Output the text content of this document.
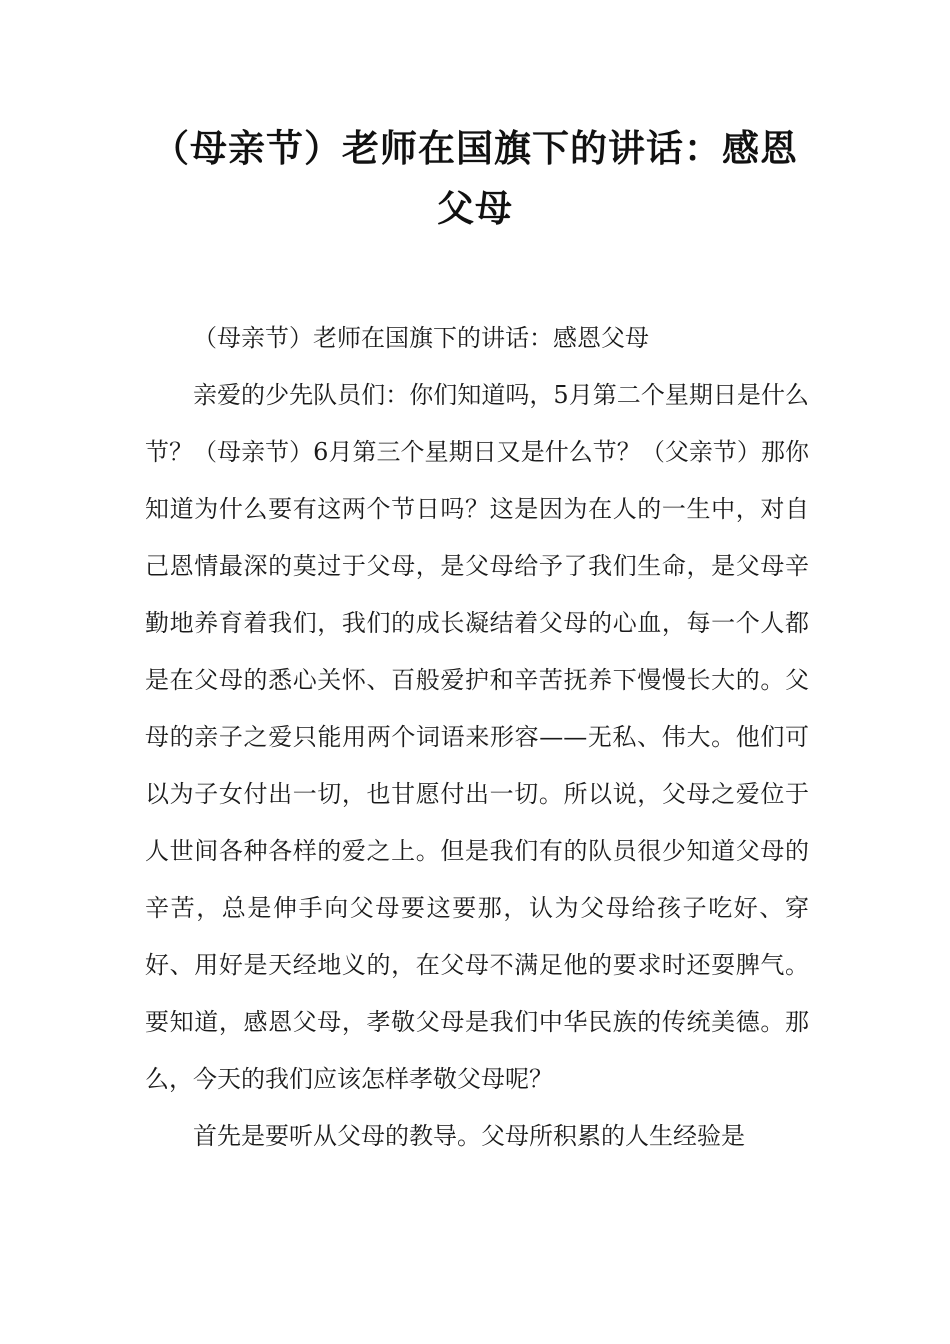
（母亲节）老师在国旗下的讲话：感恩父母

（母亲节）老师在国旗下的讲话：感恩父母

亲爱的少先队员们：你们知道吗，5月第二个星期日是什么节？（母亲节）6月第三个星期日又是什么节？（父亲节）那你知道为什么要有这两个节日吗？这是因为在人的一生中，对自己恩情最深的莫过于父母，是父母给予了我们生命，是父母辛勤地养育着我们，我们的成长凝结着父母的心血，每一个人都是在父母的悉心关怀、百般爱护和辛苦抚养下慢慢长大的。父母的亲子之爱只能用两个词语来形容——无私、伟大。他们可以为子女付出一切，也甘愿付出一切。所以说，父母之爱位于人世间各种各样的爱之上。但是我们有的队员很少知道父母的辛苦，总是伸手向父母要这要那，认为父母给孩子吃好、穿好、用好是天经地义的，在父母不满足他的要求时还耍脾气。要知道，感恩父母，孝敬父母是我们中华民族的传统美德。那么，今天的我们应该怎样孝敬父母呢？

首先是要听从父母的教导。父母所积累的人生经验是
